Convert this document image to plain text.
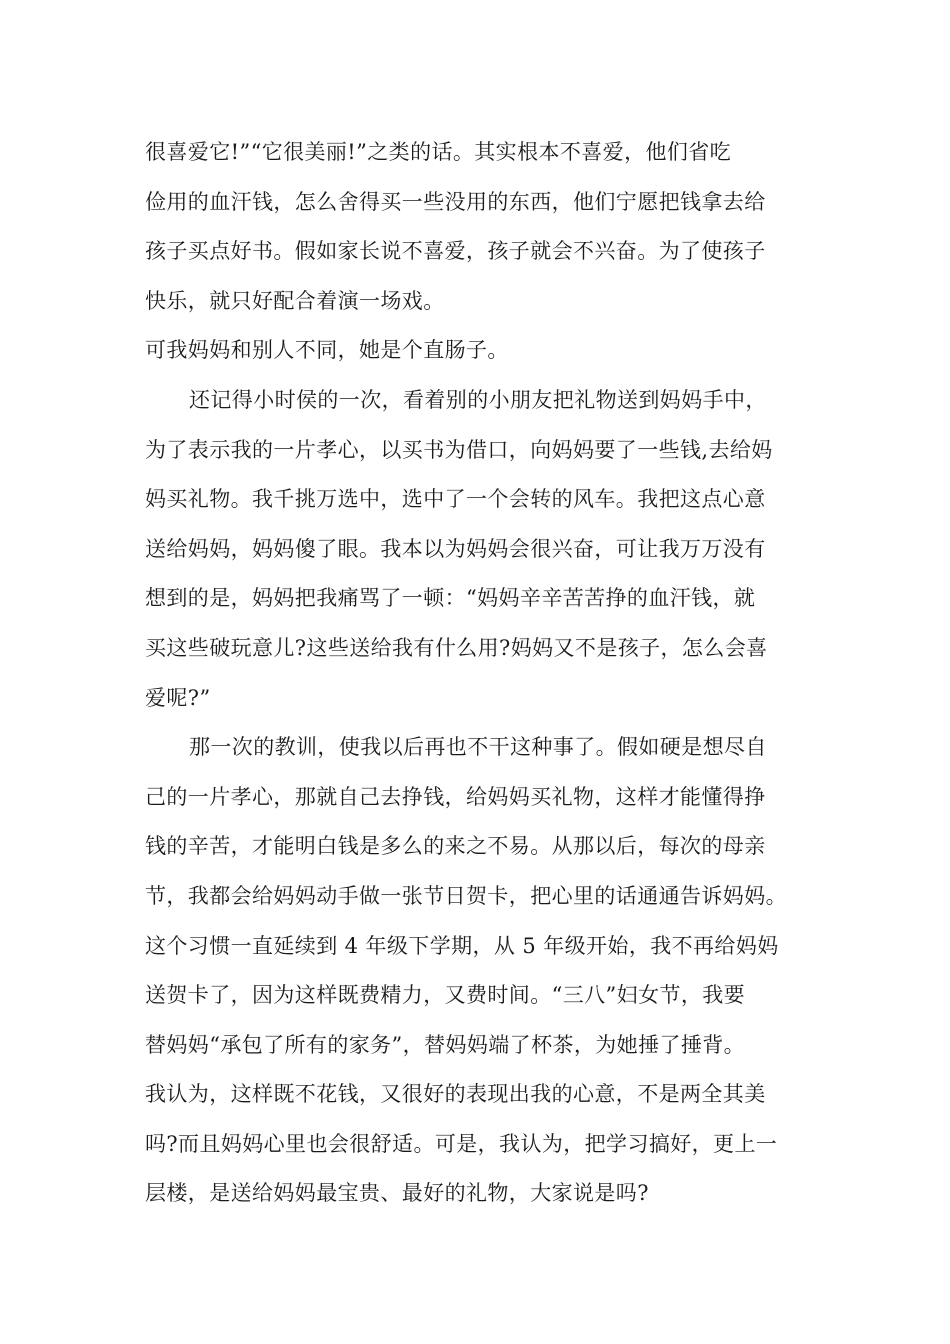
很喜爱它!”“它很美丽!”之类的话。其实根本不喜爱，他们省吃
俭用的血汗钱，怎么舍得买一些没用的东西，他们宁愿把钱拿去给
孩子买点好书。假如家长说不喜爱，孩子就会不兴奋。为了使孩子
快乐，就只好配合着演一场戏。
可我妈妈和别人不同，她是个直肠子。
还记得小时侯的一次，看着别的小朋友把礼物送到妈妈手中，
为了表示我的一片孝心，以买书为借口，向妈妈要了一些钱,去给妈
妈买礼物。我千挑万选中，选中了一个会转的风车。我把这点心意
送给妈妈，妈妈傻了眼。我本以为妈妈会很兴奋，可让我万万没有
想到的是，妈妈把我痛骂了一顿：“妈妈辛辛苦苦挣的血汗钱，就
买这些破玩意儿?这些送给我有什么用?妈妈又不是孩子，怎么会喜
爱呢?”
那一次的教训，使我以后再也不干这种事了。假如硬是想尽自
己的一片孝心，那就自己去挣钱，给妈妈买礼物，这样才能懂得挣
钱的辛苦，才能明白钱是多么的来之不易。从那以后，每次的母亲
节，我都会给妈妈动手做一张节日贺卡，把心里的话通通告诉妈妈。
这个习惯一直延续到 4 年级下学期，从 5 年级开始，我不再给妈妈
送贺卡了，因为这样既费精力，又费时间。“三八”妇女节，我要
替妈妈“承包了所有的家务”，替妈妈端了杯茶，为她捶了捶背。
我认为，这样既不花钱，又很好的表现出我的心意，不是两全其美
吗?而且妈妈心里也会很舒适。可是，我认为，把学习搞好，更上一
层楼，是送给妈妈最宝贵、最好的礼物，大家说是吗?
